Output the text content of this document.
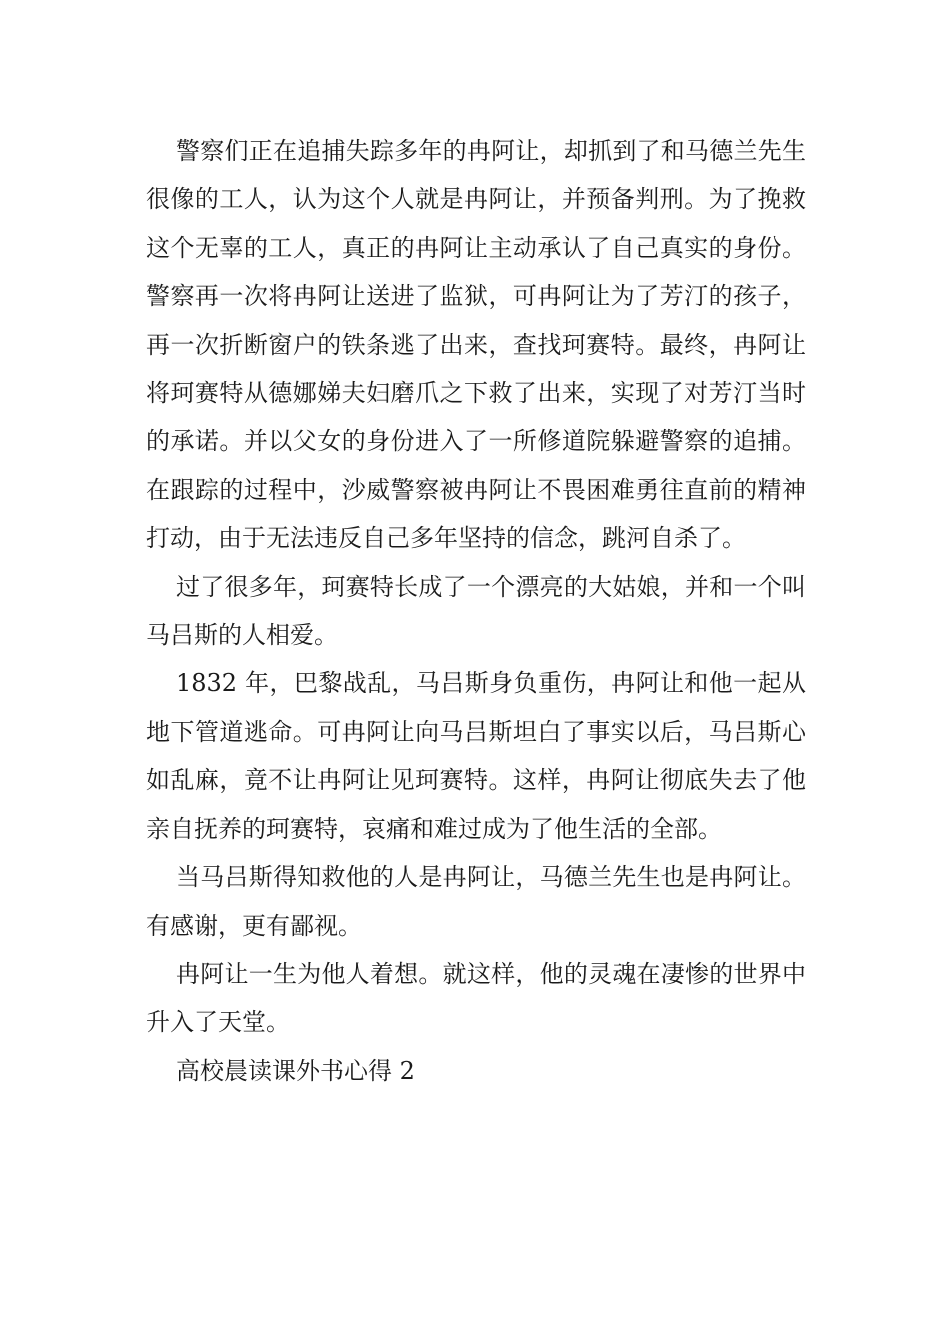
警察们正在追捕失踪多年的冉阿让，却抓到了和马德兰先生很像的工人，认为这个人就是冉阿让，并预备判刑。为了挽救这个无辜的工人，真正的冉阿让主动承认了自己真实的身份。警察再一次将冉阿让送进了监狱，可冉阿让为了芳汀的孩子，再一次折断窗户的铁条逃了出来，查找珂赛特。最终，冉阿让将珂赛特从德娜娣夫妇磨爪之下救了出来，实现了对芳汀当时的承诺。并以父女的身份进入了一所修道院躲避警察的追捕。在跟踪的过程中，沙威警察被冉阿让不畏困难勇往直前的精神打动，由于无法违反自己多年坚持的信念，跳河自杀了。

过了很多年，珂赛特长成了一个漂亮的大姑娘，并和一个叫马吕斯的人相爱。

1832 年，巴黎战乱，马吕斯身负重伤，冉阿让和他一起从地下管道逃命。可冉阿让向马吕斯坦白了事实以后，马吕斯心如乱麻，竟不让冉阿让见珂赛特。这样，冉阿让彻底失去了他亲自抚养的珂赛特，哀痛和难过成为了他生活的全部。

当马吕斯得知救他的人是冉阿让，马德兰先生也是冉阿让。有感谢，更有鄙视。

冉阿让一生为他人着想。就这样，他的灵魂在凄惨的世界中升入了天堂。

高校晨读课外书心得 2
